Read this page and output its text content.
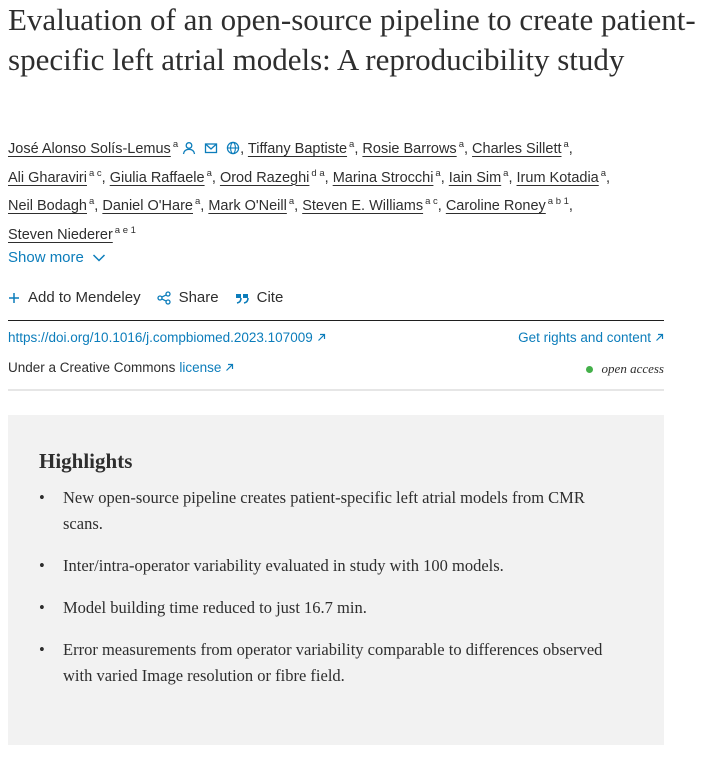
Evaluation of an open-source pipeline to create patient-specific left atrial models: A reproducibility study
José Alonso Solís-Lemus $^a$	, Tiffany Baptiste $^a$, Rosie Barrows $^a$, Charles Sillett $^a$,
Ali Gharaviri $^{a c}$, Giulia Raffaele $^a$, Orod Razeghi $^{d a}$, Marina Strocchi $^a$, Iain Sim $^a$, Irum Kotadia $^a$,
Neil Bodagh $^a$, Daniel O'Hare $^a$, Mark O'Neill $^a$, Steven E. Williams $^{a c}$, Caroline Roney $^{a b 1}$,
Steven Niederer $^{a e 1}$
Show more
Add to Mendeley	Share	Cite
https://doi.org/10.1016/j.compbiomed.2023.107009	Get rights and content
Under a Creative Commons license	open access
Highlights
• New open-source pipeline creates patient-specific left atrial models from CMR scans.
• Inter/intra-operator variability evaluated in study with 100 models.
• Model building time reduced to just 16.7 min.
• Error measurements from operator variability comparable to differences observed with varied Image resolution or fibre field.
